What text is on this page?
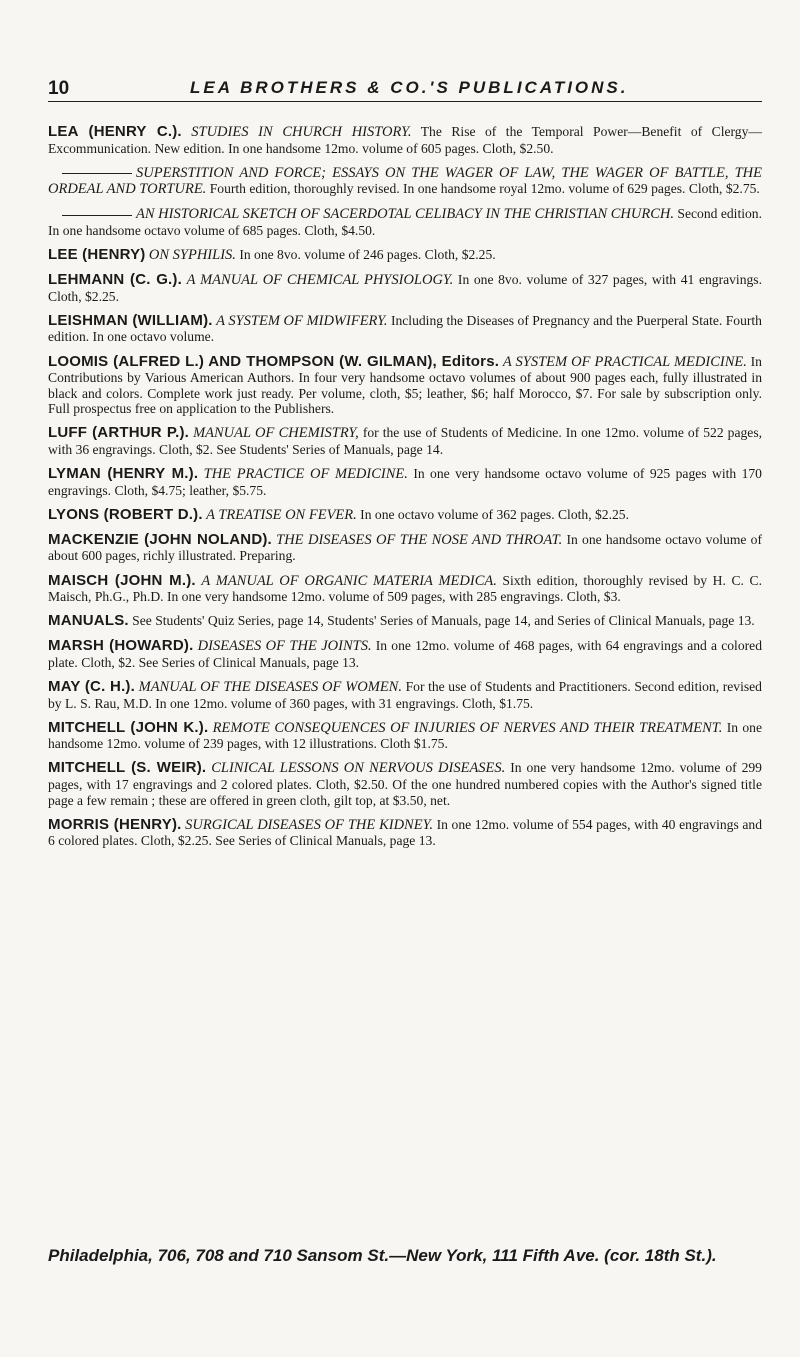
10	LEA BROTHERS & CO.'S PUBLICATIONS.

LEA (HENRY C.). STUDIES IN CHURCH HISTORY. The Rise of the Temporal Power—Benefit of Clergy—Excommunication. New edition. In one handsome 12mo. volume of 605 pages. Cloth, $2.50.

SUPERSTITION AND FORCE; ESSAYS ON THE WAGER OF LAW, THE WAGER OF BATTLE, THE ORDEAL AND TORTURE. Fourth edition, thoroughly revised. In one handsome royal 12mo. volume of 629 pages. Cloth, $2.75.

AN HISTORICAL SKETCH OF SACERDOTAL CELIBACY IN THE CHRISTIAN CHURCH. Second edition. In one handsome octavo volume of 685 pages. Cloth, $4.50.

LEE (HENRY) ON SYPHILIS. In one 8vo. volume of 246 pages. Cloth, $2.25.

LEHMANN (C. G.). A MANUAL OF CHEMICAL PHYSIOLOGY. In one 8vo. volume of 327 pages, with 41 engravings. Cloth, $2.25.

LEISHMAN (WILLIAM). A SYSTEM OF MIDWIFERY. Including the Diseases of Pregnancy and the Puerperal State. Fourth edition. In one octavo volume.

LOOMIS (ALFRED L.) AND THOMPSON (W. GILMAN), Editors. A SYSTEM OF PRACTICAL MEDICINE. In Contributions by Various American Authors. In four very handsome octavo volumes of about 900 pages each, fully illustrated in black and colors. Complete work just ready. Per volume, cloth, $5; leather, $6; half Morocco, $7. For sale by subscription only. Full prospectus free on application to the Publishers.

LUFF (ARTHUR P.). MANUAL OF CHEMISTRY, for the use of Students of Medicine. In one 12mo. volume of 522 pages, with 36 engravings. Cloth, $2. See Students' Series of Manuals, page 14.

LYMAN (HENRY M.). THE PRACTICE OF MEDICINE. In one very handsome octavo volume of 925 pages with 170 engravings. Cloth, $4.75; leather, $5.75.

LYONS (ROBERT D.). A TREATISE ON FEVER. In one octavo volume of 362 pages. Cloth, $2.25.

MACKENZIE (JOHN NOLAND). THE DISEASES OF THE NOSE AND THROAT. In one handsome octavo volume of about 600 pages, richly illustrated. Preparing.

MAISCH (JOHN M.). A MANUAL OF ORGANIC MATERIA MEDICA. Sixth edition, thoroughly revised by H. C. C. Maisch, Ph.G., Ph.D. In one very handsome 12mo. volume of 509 pages, with 285 engravings. Cloth, $3.

MANUALS. See Students' Quiz Series, page 14, Students' Series of Manuals, page 14, and Series of Clinical Manuals, page 13.

MARSH (HOWARD). DISEASES OF THE JOINTS. In one 12mo. volume of 468 pages, with 64 engravings and a colored plate. Cloth, $2. See Series of Clinical Manuals, page 13.

MAY (C. H.). MANUAL OF THE DISEASES OF WOMEN. For the use of Students and Practitioners. Second edition, revised by L. S. Rau, M.D. In one 12mo. volume of 360 pages, with 31 engravings. Cloth, $1.75.

MITCHELL (JOHN K.). REMOTE CONSEQUENCES OF INJURIES OF NERVES AND THEIR TREATMENT. In one handsome 12mo. volume of 239 pages, with 12 illustrations. Cloth $1.75.

MITCHELL (S. WEIR). CLINICAL LESSONS ON NERVOUS DISEASES. In one very handsome 12mo. volume of 299 pages, with 17 engravings and 2 colored plates. Cloth, $2.50. Of the one hundred numbered copies with the Author's signed title page a few remain ; these are offered in green cloth, gilt top, at $3.50, net.

MORRIS (HENRY). SURGICAL DISEASES OF THE KIDNEY. In one 12mo. volume of 554 pages, with 40 engravings and 6 colored plates. Cloth, $2.25. See Series of Clinical Manuals, page 13.

Philadelphia, 706, 708 and 710 Sansom St.—New York, 111 Fifth Ave. (cor. 18th St.).
